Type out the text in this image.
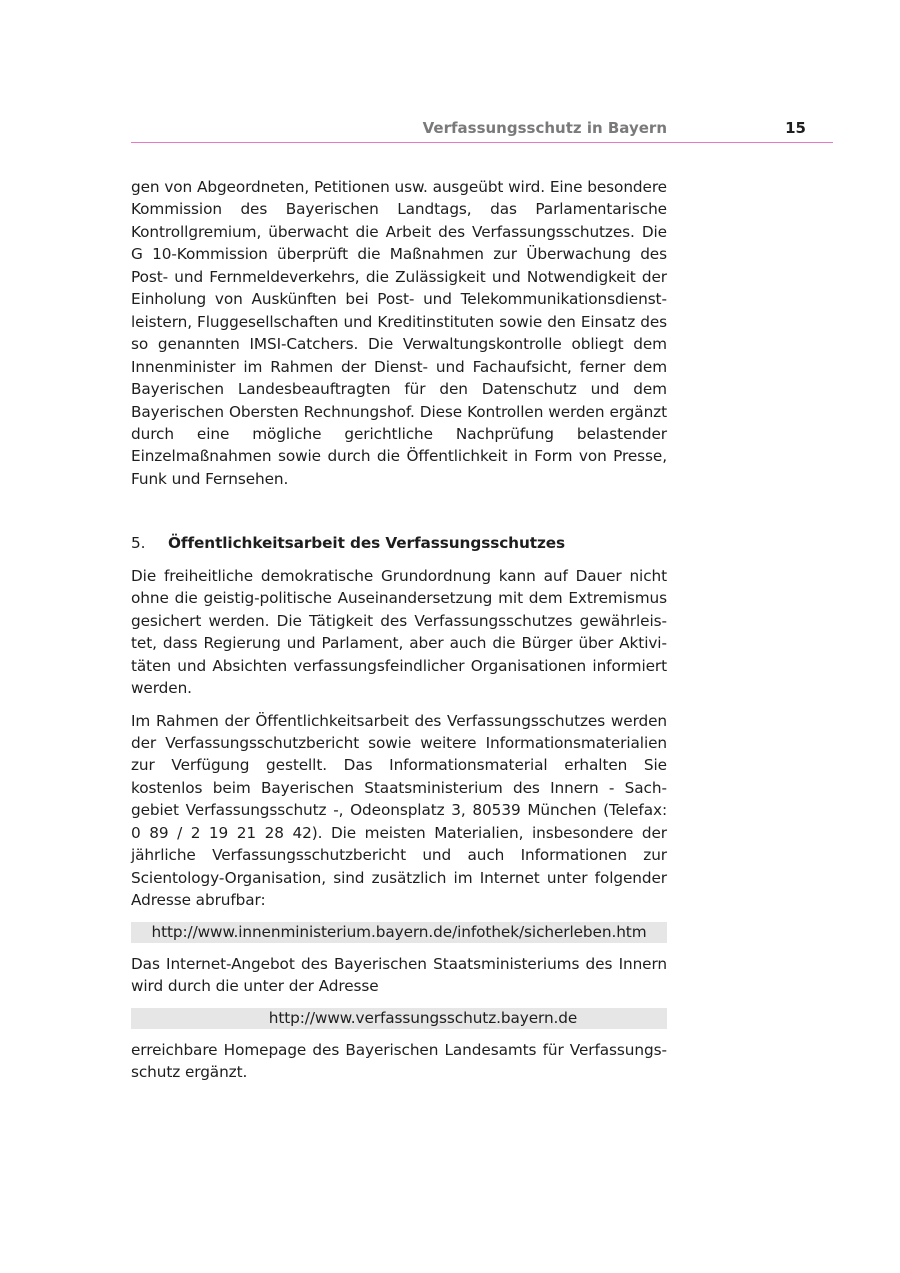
Verfassungsschutz in Bayern	15

gen von Abgeordneten, Petitionen usw. ausgeübt wird. Eine besondere Kommission des Bayerischen Landtags, das Parlamentarische Kontrollgremium, überwacht die Arbeit des Verfassungsschutzes. Die G 10-Kommission überprüft die Maßnahmen zur Überwachung des Post- und Fernmeldeverkehrs, die Zulässigkeit und Notwendigkeit der Einholung von Auskünften bei Post- und Telekommunikationsdienstleistern, Fluggesellschaften und Kreditinstituten sowie den Einsatz des so genannten IMSI-Catchers. Die Verwaltungskontrolle obliegt dem Innenminister im Rahmen der Dienst- und Fachaufsicht, ferner dem Bayerischen Landesbeauftragten für den Datenschutz und dem Bayerischen Obersten Rechnungshof. Diese Kontrollen werden ergänzt durch eine mögliche gerichtliche Nachprüfung belastender Einzelmaßnahmen sowie durch die Öffentlichkeit in Form von Presse, Funk und Fernsehen.

5. Öffentlichkeitsarbeit des Verfassungsschutzes

Die freiheitliche demokratische Grundordnung kann auf Dauer nicht ohne die geistig-politische Auseinandersetzung mit dem Extremismus gesichert werden. Die Tätigkeit des Verfassungsschutzes gewährleistet, dass Regierung und Parlament, aber auch die Bürger über Aktivitäten und Absichten verfassungsfeindlicher Organisationen informiert werden.

Im Rahmen der Öffentlichkeitsarbeit des Verfassungsschutzes werden der Verfassungsschutzbericht sowie weitere Informationsmaterialien zur Verfügung gestellt. Das Informationsmaterial erhalten Sie kostenlos beim Bayerischen Staatsministerium des Innern - Sachgebiet Verfassungsschutz -, Odeonsplatz 3, 80539 München (Telefax: 0 89 / 2 19 21 28 42). Die meisten Materialien, insbesondere der jährliche Verfassungsschutzbericht und auch Informationen zur Scientology-Organisation, sind zusätzlich im Internet unter folgender Adresse abrufbar:

http://www.innenministerium.bayern.de/infothek/sicherleben.htm

Das Internet-Angebot des Bayerischen Staatsministeriums des Innern wird durch die unter der Adresse

http://www.verfassungsschutz.bayern.de

erreichbare Homepage des Bayerischen Landesamts für Verfassungsschutz ergänzt.
